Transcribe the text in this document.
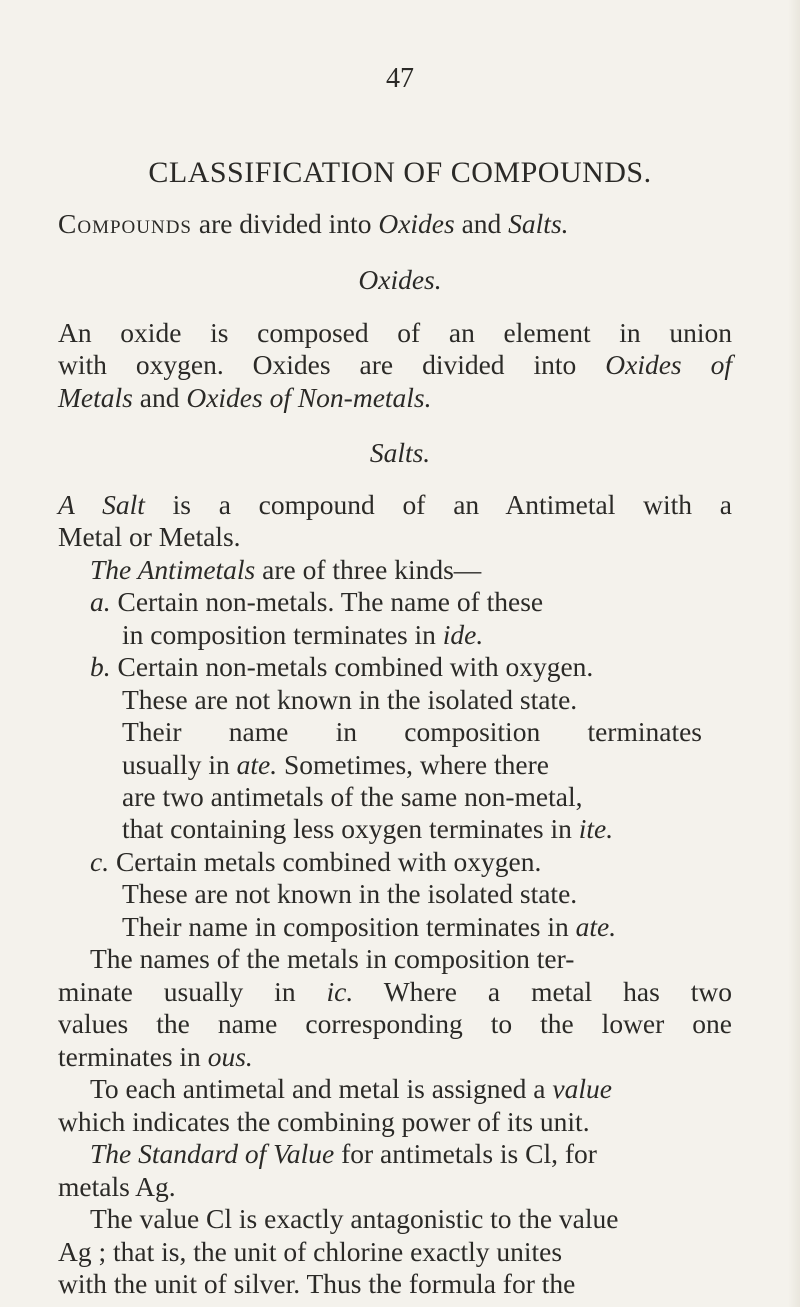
47
CLASSIFICATION OF COMPOUNDS.
Compounds are divided into Oxides and Salts.
Oxides.
An oxide is composed of an element in union
with oxygen. Oxides are divided into Oxides of
Metals and Oxides of Non-metals.
Salts.
A Salt is a compound of an Antimetal with a
Metal or Metals.
The Antimetals are of three kinds—
a. Certain non-metals. The name of these
in composition terminates in ide.
b. Certain non-metals combined with oxygen.
These are not known in the isolated state.
Their name in composition terminates
usually in ate. Sometimes, where there
are two antimetals of the same non-metal,
that containing less oxygen terminates in ite.
c. Certain metals combined with oxygen.
These are not known in the isolated state.
Their name in composition terminates in ate.
The names of the metals in composition ter-
minate usually in ic. Where a metal has two
values the name corresponding to the lower one
terminates in ous.
To each antimetal and metal is assigned a value
which indicates the combining power of its unit.
The Standard of Value for antimetals is Cl, for
metals Ag.
The value Cl is exactly antagonistic to the value
Ag ; that is, the unit of chlorine exactly unites
with the unit of silver. Thus the formula for the
